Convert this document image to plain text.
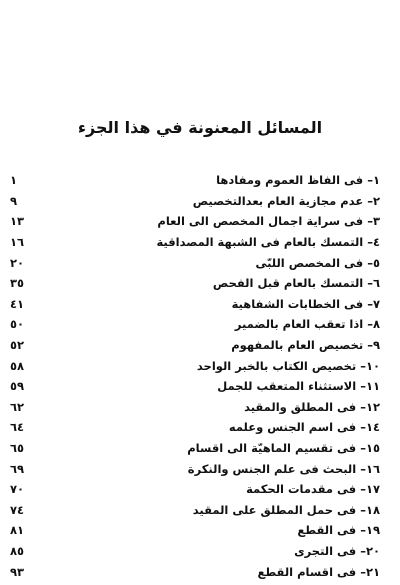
المسائل المعنونة في هذا الجزء
١– فى الفاظ العموم ومفادها
١
٢– عدم مجازية العام بعدالتخصيص
٩
٣– فى سراية اجمال المخصص الى العام
١٣
٤– التمسك بالعام فى الشبهة المصداقية
١٦
٥– فى المخصص اللبّى
٢٠
٦– التمسك بالعام قبل الفحص
٣٥
٧– فى الخطابات الشفاهية
٤١
٨– اذا تعقب العام بالضمير
٥٠
٩– تخصيص العام بالمفهوم
٥٢
١٠– تخصيص الكتاب بالخبر الواحد
٥٨
١١– الاستثناء المتعقب للجمل
٥٩
١٢– فى المطلق والمقيد
٦٢
١٤– فى اسم الجنس وعلمه
٦٤
١٥– فى تقسيم الماهيّة الى اقسام
٦٥
١٦– البحث فى علم الجنس والنكرة
٦٩
١٧– فى مقدمات الحكمة
٧٠
١٨– فى حمل المطلق على المقيد
٧٤
١٩– فى القطع
٨١
٢٠– فى التجرى
٨٥
٢١– فى اقسام القطع
٩٣
